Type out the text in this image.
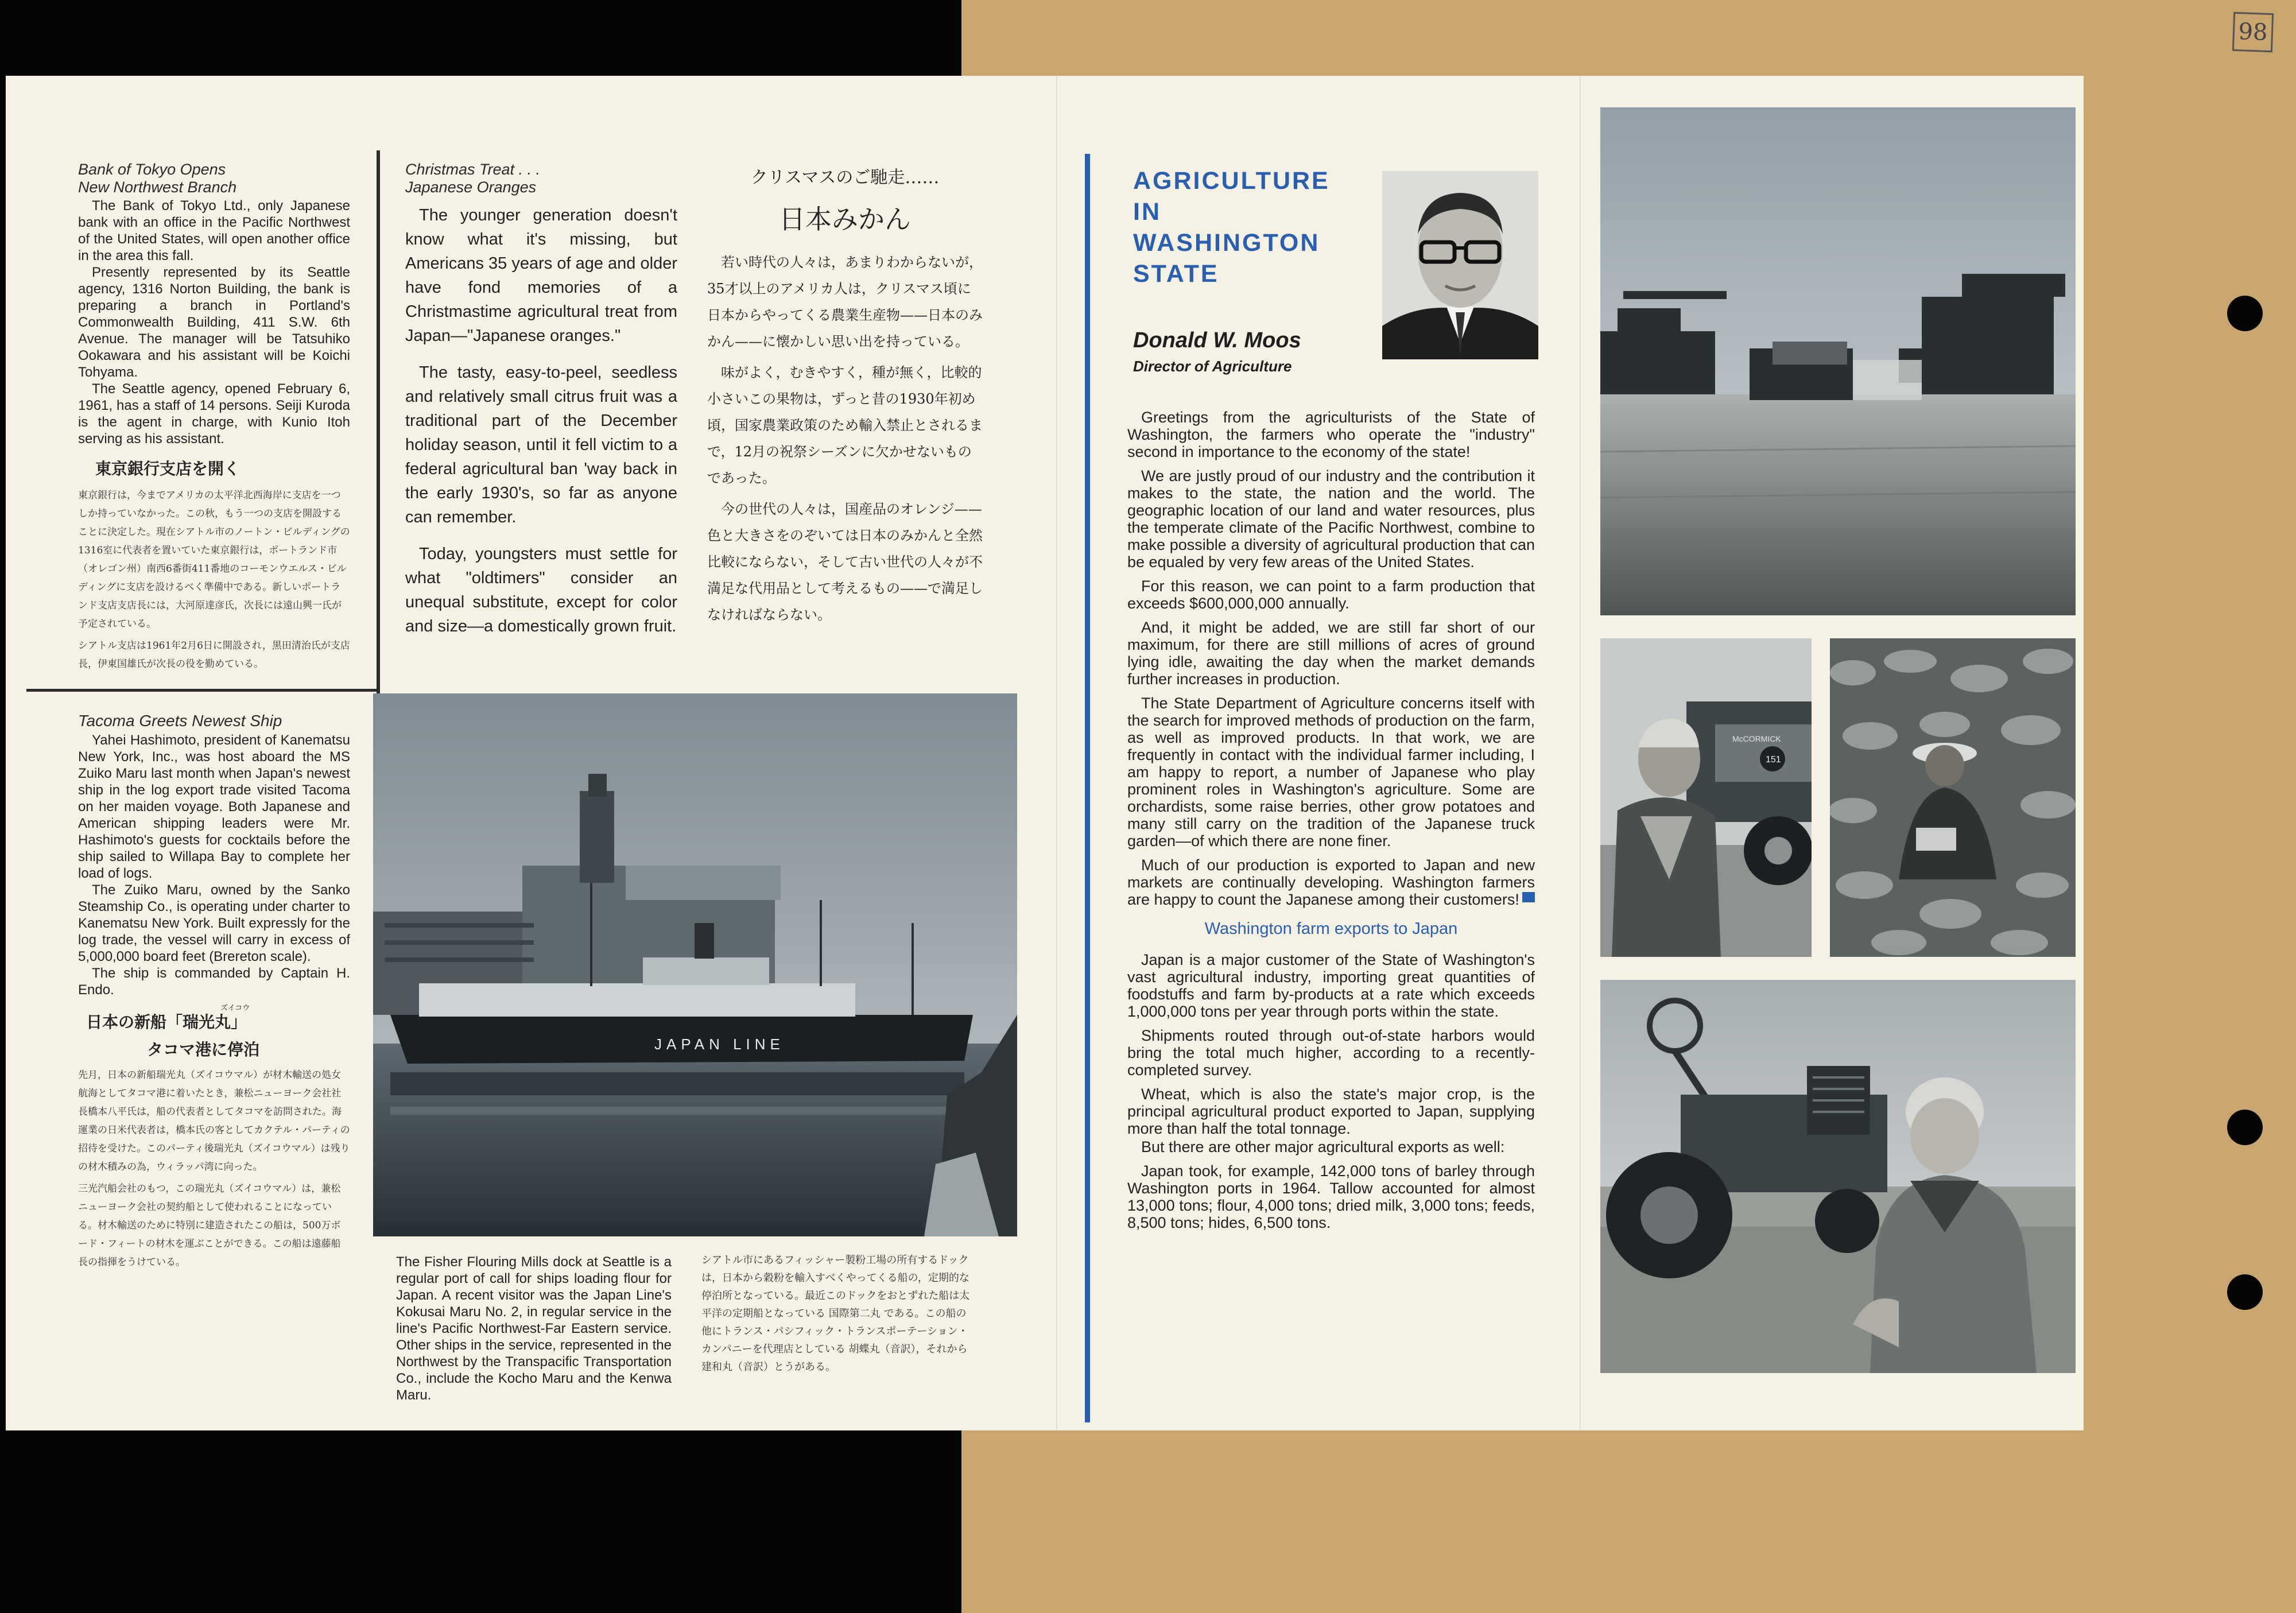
98
Bank of Tokyo Opens
New Northwest Branch

The Bank of Tokyo Ltd., only Japanese bank with an office in the Pacific Northwest of the United States, will open another office in the area this fall.

Presently represented by its Seattle agency, 1316 Norton Building, the bank is preparing a branch in Portland's Commonwealth Building, 411 S.W. 6th Avenue. The manager will be Tatsuhiko Ookawara and his assistant will be Koichi Tohyama.

The Seattle agency, opened February 6, 1961, has a staff of 14 persons. Seiji Kuroda is the agent in charge, with Kunio Itoh serving as his assistant.

東京銀行支店を開く

東京銀行は，今までアメリカの太平洋北西海岸に支店を一つしか持っていなかった。この秋，もう一つの支店を開設することに決定した。現在シアトル市のノートン・ビルディングの1316室に代表者を置いていた東京銀行は，ポートランド市（オレゴン州）南西6番街411番地のコーモンウエルス・ビルディングに支店を設けるべく準備中である。新しいポートランド支店支店長には，大河原達彦氏，次長には遠山興一氏が予定されている。

シアトル支店は1961年2月6日に開設され，黒田清治氏が支店長，伊東国雄氏が次長の役を勤めている。

Christmas Treat . . .
Japanese Oranges

The younger generation doesn't know what it's missing, but Americans 35 years of age and older have fond memories of a Christmastime agricultural treat from Japan—"Japanese oranges."

The tasty, easy-to-peel, seedless and relatively small citrus fruit was a traditional part of the December holiday season, until it fell victim to a federal agricultural ban 'way back in the early 1930's, so far as anyone can remember.

Today, youngsters must settle for what "oldtimers" consider an unequal substitute, except for color and size—a domestically grown fruit.

クリスマスのご馳走……
日本みかん

若い時代の人々は，あまりわからないが，35才以上のアメリカ人は，クリスマス頃に日本からやってくる農業生産物——日本のみかん——に懐かしい思い出を持っている。

味がよく，むきやすく，種が無く，比較的小さいこの果物は，ずっと昔の1930年初め頃，国家農業政策のため輸入禁止とされるまで，12月の祝祭シーズンに欠かせないものであった。

今の世代の人々は，国産品のオレンジ——色と大きさをのぞいては日本のみかんと全然比較にならない，そして古い世代の人々が不満足な代用品として考えるもの——で満足しなければならない。

Tacoma Greets Newest Ship

Yahei Hashimoto, president of Kanematsu New York, Inc., was host aboard the MS Zuiko Maru last month when Japan's newest ship in the log export trade visited Tacoma on her maiden voyage. Both Japanese and American shipping leaders were Mr. Hashimoto's guests for cocktails before the ship sailed to Willapa Bay to complete her load of logs.

The Zuiko Maru, owned by the Sanko Steamship Co., is operating under charter to Kanematsu New York. Built expressly for the log trade, the vessel will carry in excess of 5,000,000 board feet (Brereton scale).

The ship is commanded by Captain H. Endo.

ズイコウ
日本の新船「瑞光丸」
タコマ港に停泊

先月，日本の新船瑞光丸（ズイコウマル）が材木輸送の処女航海としてタコマ港に着いたとき，兼松ニューヨーク会社社長橋本八平氏は，船の代表者としてタコマを訪問された。海運業の日米代表者は，橋本氏の客としてカクテル・パーティの招待を受けた。このパーティ後瑞光丸（ズイコウマル）は残りの材木積みの為，ウィラッパ湾に向った。

三光汽船会社のもつ，この瑞光丸（ズイコウマル）は，兼松ニューヨーク会社の契約船として使われることになっている。材木輸送のために特別に建造されたこの船は，500万ボード・フィートの材木を運ぶことができる。この船は遠藤船長の指揮をうけている。

JAPAN LINE

The Fisher Flouring Mills dock at Seattle is a regular port of call for ships loading flour for Japan. A recent visitor was the Japan Line's Kokusai Maru No. 2, in regular service in the line's Pacific Northwest-Far Eastern service. Other ships in the service, represented in the Northwest by the Transpacific Transportation Co., include the Kocho Maru and the Kenwa Maru.

シアトル市にあるフィッシャー製粉工場の所有するドックは，日本から穀粉を輸入すべくやってくる船の，定期的な停泊所となっている。最近このドックをおとずれた船は太平洋の定期船となっている 国際第二丸 である。この船の他にトランス・パシフィック・トランスポーテーション・カンパニーを代理店としている 胡蝶丸（音訳），それから 建和丸（音訳）とうがある。

AGRICULTURE
IN
WASHINGTON
STATE
Donald W. Moos
Director of Agriculture

Greetings from the agriculturists of the State of Washington, the farmers who operate the "industry" second in importance to the economy of the state!

We are justly proud of our industry and the contribution it makes to the state, the nation and the world. The geographic location of our land and water resources, plus the temperate climate of the Pacific Northwest, combine to make possible a diversity of agricultural production that can be equaled by very few areas of the United States.

For this reason, we can point to a farm production that exceeds $600,000,000 annually.

And, it might be added, we are still far short of our maximum, for there are still millions of acres of ground lying idle, awaiting the day when the market demands further increases in production.

The State Department of Agriculture concerns itself with the search for improved methods of production on the farm, as well as improved products. In that work, we are frequently in contact with the individual farmer including, I am happy to report, a number of Japanese who play prominent roles in Washington's agriculture. Some are orchardists, some raise berries, other grow potatoes and many still carry on the tradition of the Japanese truck garden—of which there are none finer.

Much of our production is exported to Japan and new markets are continually developing. Washington farmers are happy to count the Japanese among their customers!

Washington farm exports to Japan

Japan is a major customer of the State of Washington's vast agricultural industry, importing great quantities of foodstuffs and farm by-products at a rate which exceeds 1,000,000 tons per year through ports within the state.

Shipments routed through out-of-state harbors would bring the total much higher, according to a recently-completed survey.

Wheat, which is also the state's major crop, is the principal agricultural product exported to Japan, supplying more than half the total tonnage.

But there are other major agricultural exports as well:

Japan took, for example, 142,000 tons of barley through Washington ports in 1964. Tallow accounted for almost 13,000 tons; flour, 4,000 tons; dried milk, 3,000 tons; feeds, 8,500 tons; hides, 6,500 tons.

McCORMICK
151
